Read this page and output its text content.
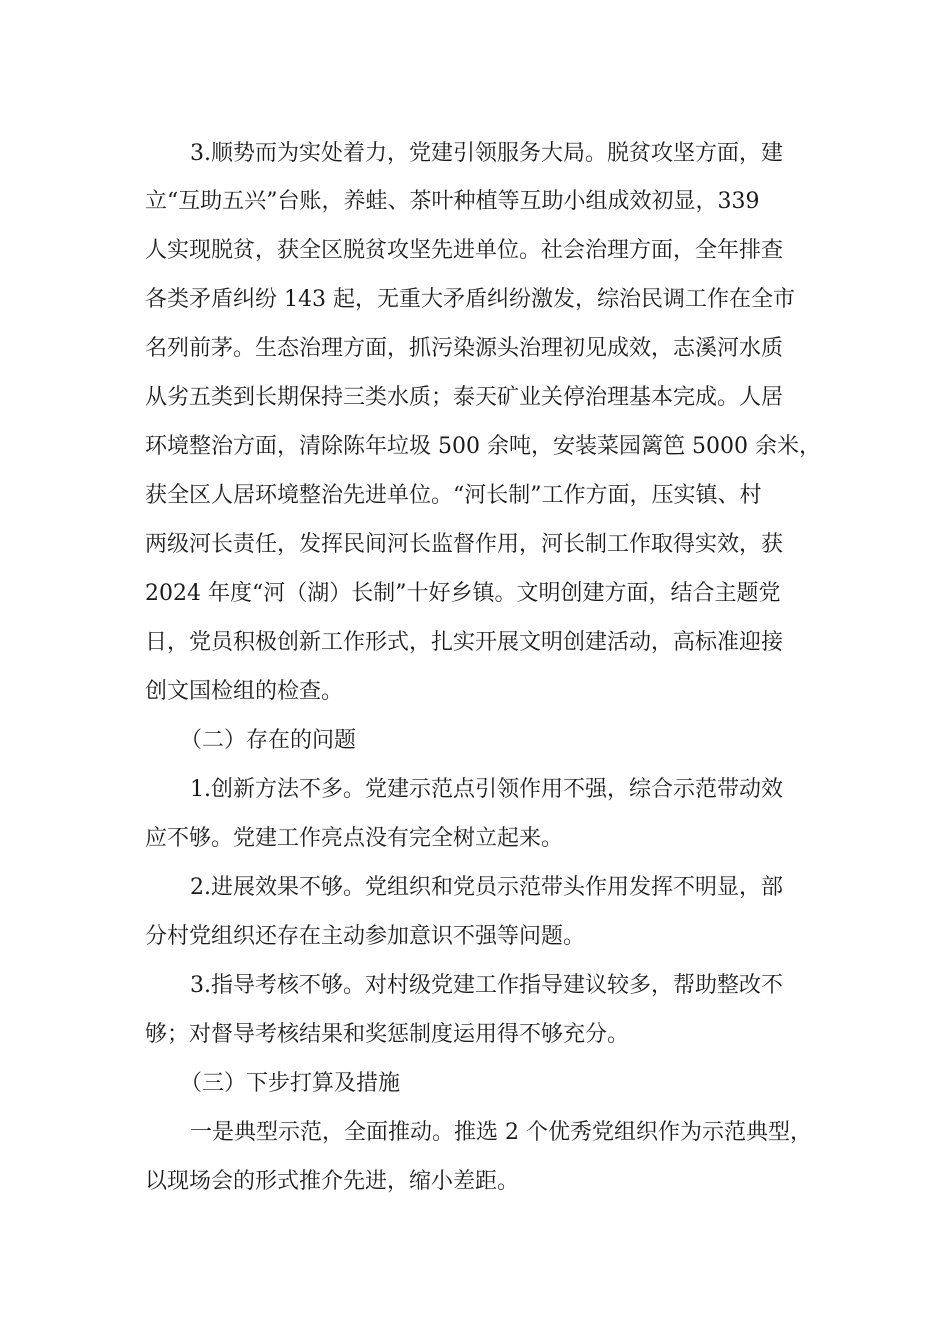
3.顺势而为实处着力，党建引领服务大局。脱贫攻坚方面，建
立“互助五兴”台账，养蛙、茶叶种植等互助小组成效初显，339
人实现脱贫，获全区脱贫攻坚先进单位。社会治理方面，全年排查
各类矛盾纠纷 143 起，无重大矛盾纠纷激发，综治民调工作在全市
名列前茅。生态治理方面，抓污染源头治理初见成效，志溪河水质
从劣五类到长期保持三类水质；泰天矿业关停治理基本完成。人居
环境整治方面，清除陈年垃圾 500 余吨，安装菜园篱笆 5000 余米，
获全区人居环境整治先进单位。“河长制”工作方面，压实镇、村
两级河长责任，发挥民间河长监督作用，河长制工作取得实效，获
2024 年度“河（湖）长制”十好乡镇。文明创建方面，结合主题党
日，党员积极创新工作形式，扎实开展文明创建活动，高标准迎接
创文国检组的检查。
（二）存在的问题
1.创新方法不多。党建示范点引领作用不强，综合示范带动效
应不够。党建工作亮点没有完全树立起来。
2.进展效果不够。党组织和党员示范带头作用发挥不明显，部
分村党组织还存在主动参加意识不强等问题。
3.指导考核不够。对村级党建工作指导建议较多，帮助整改不
够；对督导考核结果和奖惩制度运用得不够充分。
（三）下步打算及措施
一是典型示范，全面推动。推选 2 个优秀党组织作为示范典型，
以现场会的形式推介先进，缩小差距。
